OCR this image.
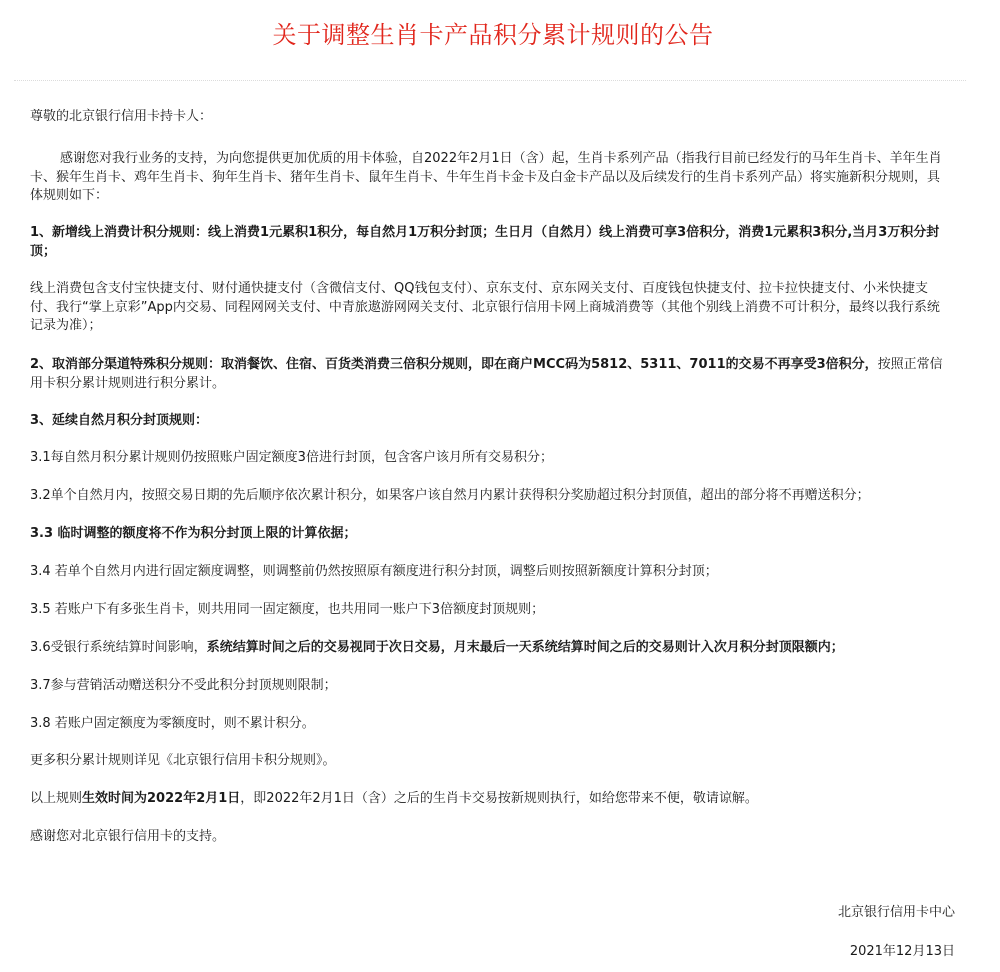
关于调整生肖卡产品积分累计规则的公告

尊敬的北京银行信用卡持卡人：

感谢您对我行业务的支持，为向您提供更加优质的用卡体验，自2022年2月1日（含）起，生肖卡系列产品（指我行目前已经发行的马年生肖卡、羊年生肖卡、猴年生肖卡、鸡年生肖卡、狗年生肖卡、猪年生肖卡、鼠年生肖卡、牛年生肖卡金卡及白金卡产品以及后续发行的生肖卡系列产品）将实施新积分规则，具体规则如下：

1、新增线上消费计积分规则：线上消费1元累积1积分，每自然月1万积分封顶；生日月（自然月）线上消费可享3倍积分，消费1元累积3积分,当月3万积分封顶；

线上消费包含支付宝快捷支付、财付通快捷支付（含微信支付、QQ钱包支付）、京东支付、京东网关支付、百度钱包快捷支付、拉卡拉快捷支付、小米快捷支付、我行“掌上京彩”App内交易、同程网网关支付、中青旅遨游网网关支付、北京银行信用卡网上商城消费等（其他个别线上消费不可计积分，最终以我行系统记录为准）；

2、取消部分渠道特殊积分规则：取消餐饮、住宿、百货类消费三倍积分规则，即在商户MCC码为5812、5311、7011的交易不再享受3倍积分，按照正常信用卡积分累计规则进行积分累计。

3、延续自然月积分封顶规则：

3.1每自然月积分累计规则仍按照账户固定额度3倍进行封顶，包含客户该月所有交易积分；

3.2单个自然月内，按照交易日期的先后顺序依次累计积分，如果客户该自然月内累计获得积分奖励超过积分封顶值，超出的部分将不再赠送积分；

3.3 临时调整的额度将不作为积分封顶上限的计算依据；

3.4 若单个自然月内进行固定额度调整，则调整前仍然按照原有额度进行积分封顶，调整后则按照新额度计算积分封顶；

3.5 若账户下有多张生肖卡，则共用同一固定额度，也共用同一账户下3倍额度封顶规则；

3.6受银行系统结算时间影响，系统结算时间之后的交易视同于次日交易，月末最后一天系统结算时间之后的交易则计入次月积分封顶限额内；

3.7参与营销活动赠送积分不受此积分封顶规则限制；

3.8 若账户固定额度为零额度时，则不累计积分。

更多积分累计规则详见《北京银行信用卡积分规则》。

以上规则生效时间为2022年2月1日，即2022年2月1日（含）之后的生肖卡交易按新规则执行，如给您带来不便，敬请谅解。

感谢您对北京银行信用卡的支持。

北京银行信用卡中心
2021年12月13日
